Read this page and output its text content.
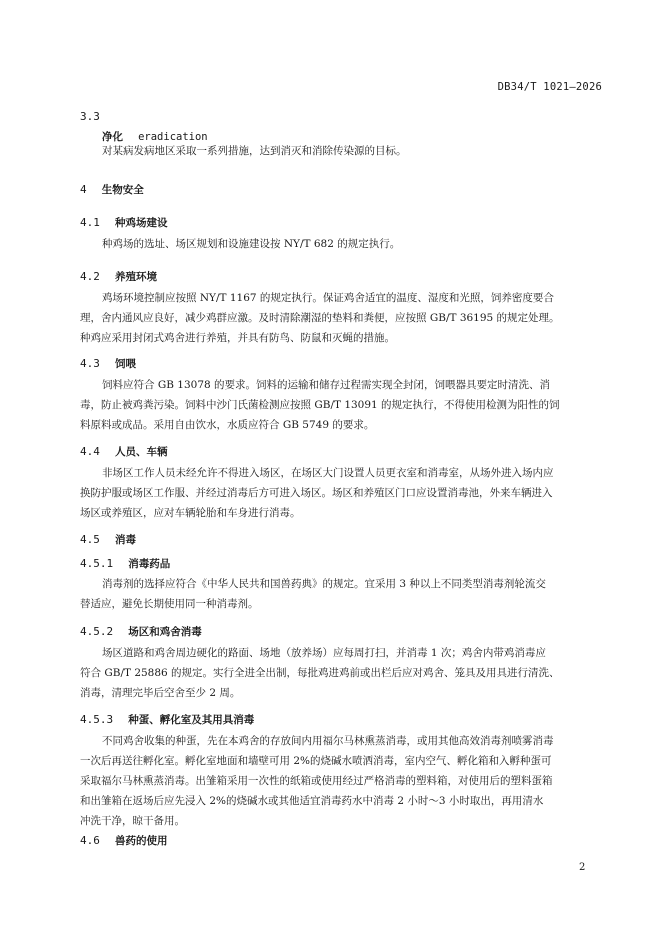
DB34/T 1021—2026
3.3
净化 eradication
对某病发病地区采取一系列措施，达到消灭和消除传染源的目标。
4 生物安全
4.1 种鸡场建设
种鸡场的选址、场区规划和设施建设按 NY/T 682 的规定执行。
4.2 养殖环境
鸡场环境控制应按照 NY/T 1167 的规定执行。保证鸡舍适宜的温度、湿度和光照，饲养密度要合
理，舍内通风应良好，减少鸡群应激。及时清除潮湿的垫料和粪便，应按照 GB/T 36195 的规定处理。
种鸡应采用封闭式鸡舍进行养殖，并具有防鸟、防鼠和灭蝇的措施。
4.3 饲喂
饲料应符合 GB 13078 的要求。饲料的运输和储存过程需实现全封闭，饲喂器具要定时清洗、消
毒，防止被鸡粪污染。饲料中沙门氏菌检测应按照 GB/T 13091 的规定执行，不得使用检测为阳性的饲
料原料或成品。采用自由饮水，水质应符合 GB 5749 的要求。
4.4 人员、车辆
非场区工作人员未经允许不得进入场区，在场区大门设置人员更衣室和消毒室，从场外进入场内应
换防护服或场区工作服、并经过消毒后方可进入场区。场区和养殖区门口应设置消毒池，外来车辆进入
场区或养殖区，应对车辆轮胎和车身进行消毒。
4.5 消毒
4.5.1 消毒药品
消毒剂的选择应符合《中华人民共和国兽药典》的规定。宜采用 3 种以上不同类型消毒剂轮流交
替适应，避免长期使用同一种消毒剂。
4.5.2 场区和鸡舍消毒
场区道路和鸡舍周边硬化的路面、场地（放养场）应每周打扫，并消毒 1 次；鸡舍内带鸡消毒应
符合 GB/T 25886 的规定。实行全进全出制，每批鸡进鸡前或出栏后应对鸡舍、笼具及用具进行清洗、
消毒，清理完毕后空舍至少 2 周。
4.5.3 种蛋、孵化室及其用具消毒
不同鸡舍收集的种蛋，先在本鸡舍的存放间内用福尔马林熏蒸消毒，或用其他高效消毒剂喷雾消毒
一次后再送往孵化室。孵化室地面和墙壁可用 2%的烧碱水喷洒消毒，室内空气、孵化箱和入孵种蛋可
采取福尔马林熏蒸消毒。出雏箱采用一次性的纸箱或使用经过严格消毒的塑料箱，对使用后的塑料蛋箱
和出雏箱在返场后应先浸入 2%的烧碱水或其他适宜消毒药水中消毒 2 小时～3 小时取出，再用清水
冲洗干净，晾干备用。
4.6 兽药的使用
2
